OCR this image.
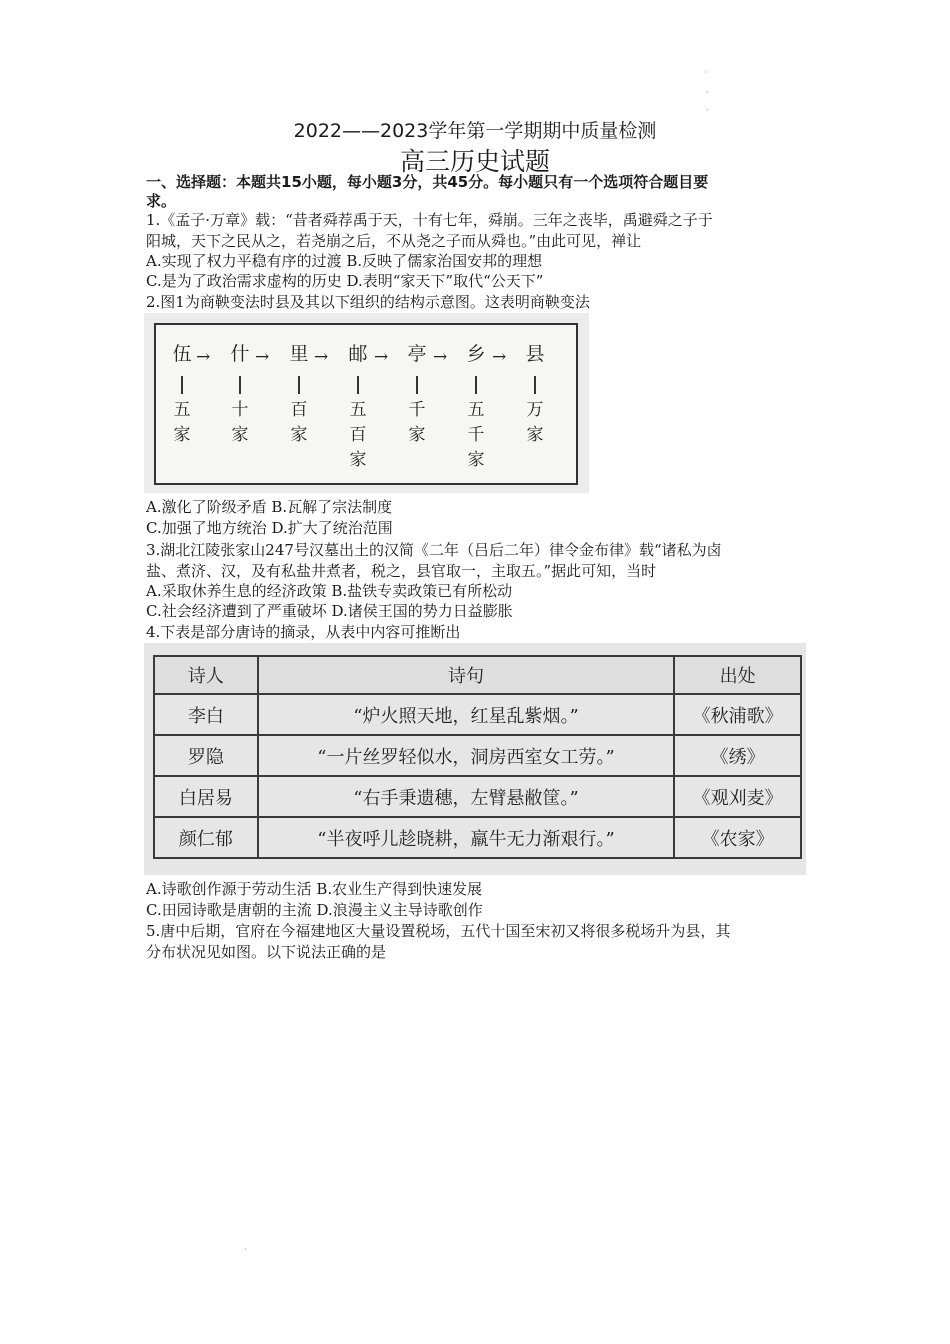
·
·
·
2022——2023学年第一学期期中质量检测
高三历史试题
一、选择题：本题共15小题，每小题3分，共45分。每小题只有一个选项符合题目要
求。
1.《孟子·万章》载：“昔者舜荐禹于天，十有七年，舜崩。三年之丧毕，禹避舜之子于
阳城，天下之民从之，若尧崩之后，不从尧之子而从舜也。”由此可见，禅让
A.实现了权力平稳有序的过渡 B.反映了儒家治国安邦的理想
C.是为了政治需求虚构的历史 D.表明“家天下”取代“公天下”
2.图1为商鞅变法时县及其以下组织的结构示意图。这表明商鞅变法
伍
五
家
→ 什
十
家
→ 里
百
家
→ 邮
五
百
家
→ 亭
千
家
→ 乡
五
千
家
→ 县
万
家
A.激化了阶级矛盾 B.瓦解了宗法制度
C.加强了地方统治 D.扩大了统治范围
3.湖北江陵张家山247号汉墓出土的汉简《二年（吕后二年）律令金布律》载“诸私为卤
盐、煮济、汉，及有私盐井煮者，税之，县官取一，主取五。”据此可知，当时
A.采取休养生息的经济政策 B.盐铁专卖政策已有所松动
C.社会经济遭到了严重破坏 D.诸侯王国的势力日益膨胀
4.下表是部分唐诗的摘录，从表中内容可推断出
诗人	诗句	出处
李白	“炉火照天地，红星乱紫烟。”	《秋浦歌》
罗隐	“一片丝罗轻似水，洞房西室女工劳。”	《绣》
白居易	“右手秉遗穗，左臂悬敝筐。”	《观刈麦》
颜仁郁	“半夜呼儿趁晓耕，羸牛无力渐艰行。”	《农家》
A.诗歌创作源于劳动生活 B.农业生产得到快速发展
C.田园诗歌是唐朝的主流 D.浪漫主义主导诗歌创作
5.唐中后期，官府在今福建地区大量设置税场，五代十国至宋初又将很多税场升为县，其
分布状况见如图。以下说法正确的是
·
